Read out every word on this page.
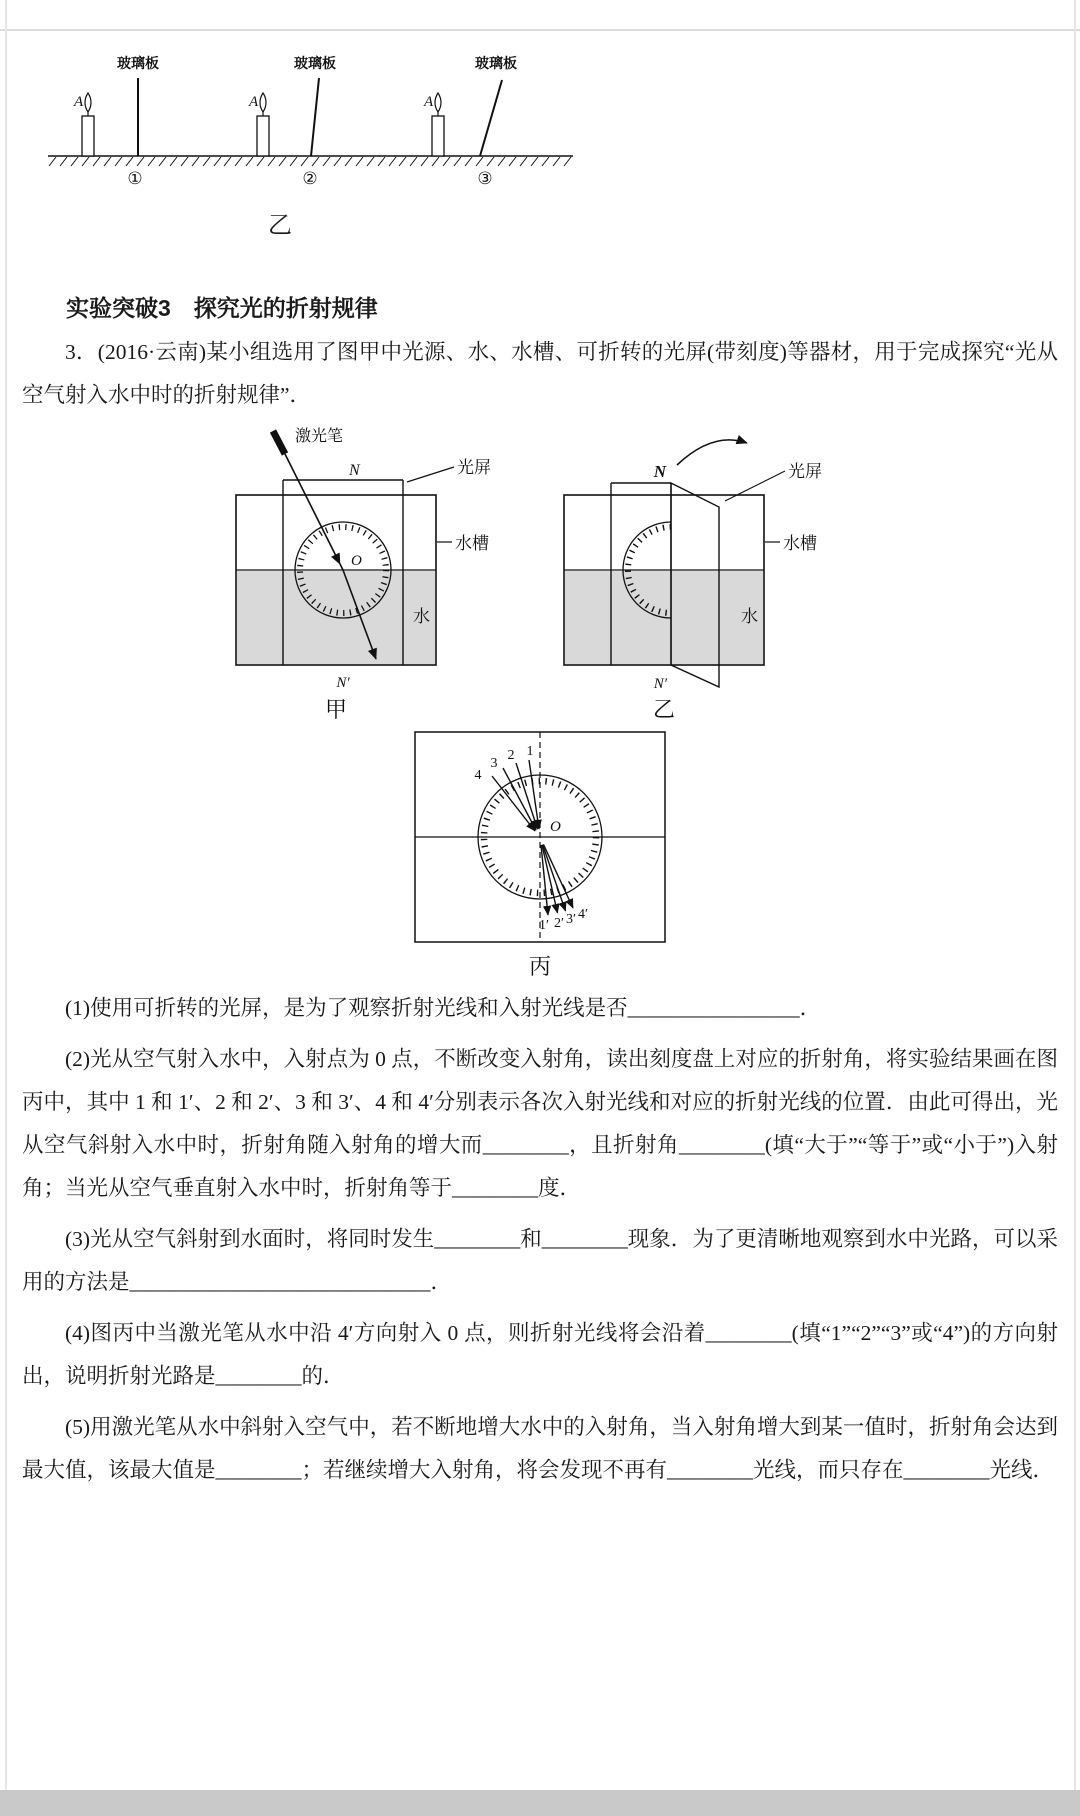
玻璃板
A
①
玻璃板
A
②
玻璃板
A
③
乙
实验突破3　探究光的折射规律

3．(2016·云南)某小组选用了图甲中光源、水、水槽、可折转的光屏(带刻度)等器材，用于完成探究“光从空气射入水中时的折射规律”．

激光笔
N	光屏
水槽
水
O
N′
甲
N	光屏
水槽
水
N′
乙
4
3
2 1
1′ 2′ 3′ 4′
O
丙

(1)使用可折转的光屏，是为了观察折射光线和入射光线是否________________．

(2)光从空气射入水中，入射点为 0 点，不断改变入射角，读出刻度盘上对应的折射角，将实验结果画在图丙中，其中 1 和 1′、2 和 2′、3 和 3′、4 和 4′分别表示各次入射光线和对应的折射光线的位置．由此可得出，光从空气斜射入水中时，折射角随入射角的增大而________，且折射角________(填“大于”“等于”或“小于”)入射角；当光从空气垂直射入水中时，折射角等于________度．

(3)光从空气斜射到水面时，将同时发生________和________现象．为了更清晰地观察到水中光路，可以采用的方法是____________________________．

(4)图丙中当激光笔从水中沿 4′方向射入 0 点，则折射光线将会沿着________(填“1”“2”“3”或“4”)的方向射出，说明折射光路是________的．

(5)用激光笔从水中斜射入空气中，若不断地增大水中的入射角，当入射角增大到某一值时，折射角会达到最大值，该最大值是________；若继续增大入射角，将会发现不再有________光线，而只存在________光线．
